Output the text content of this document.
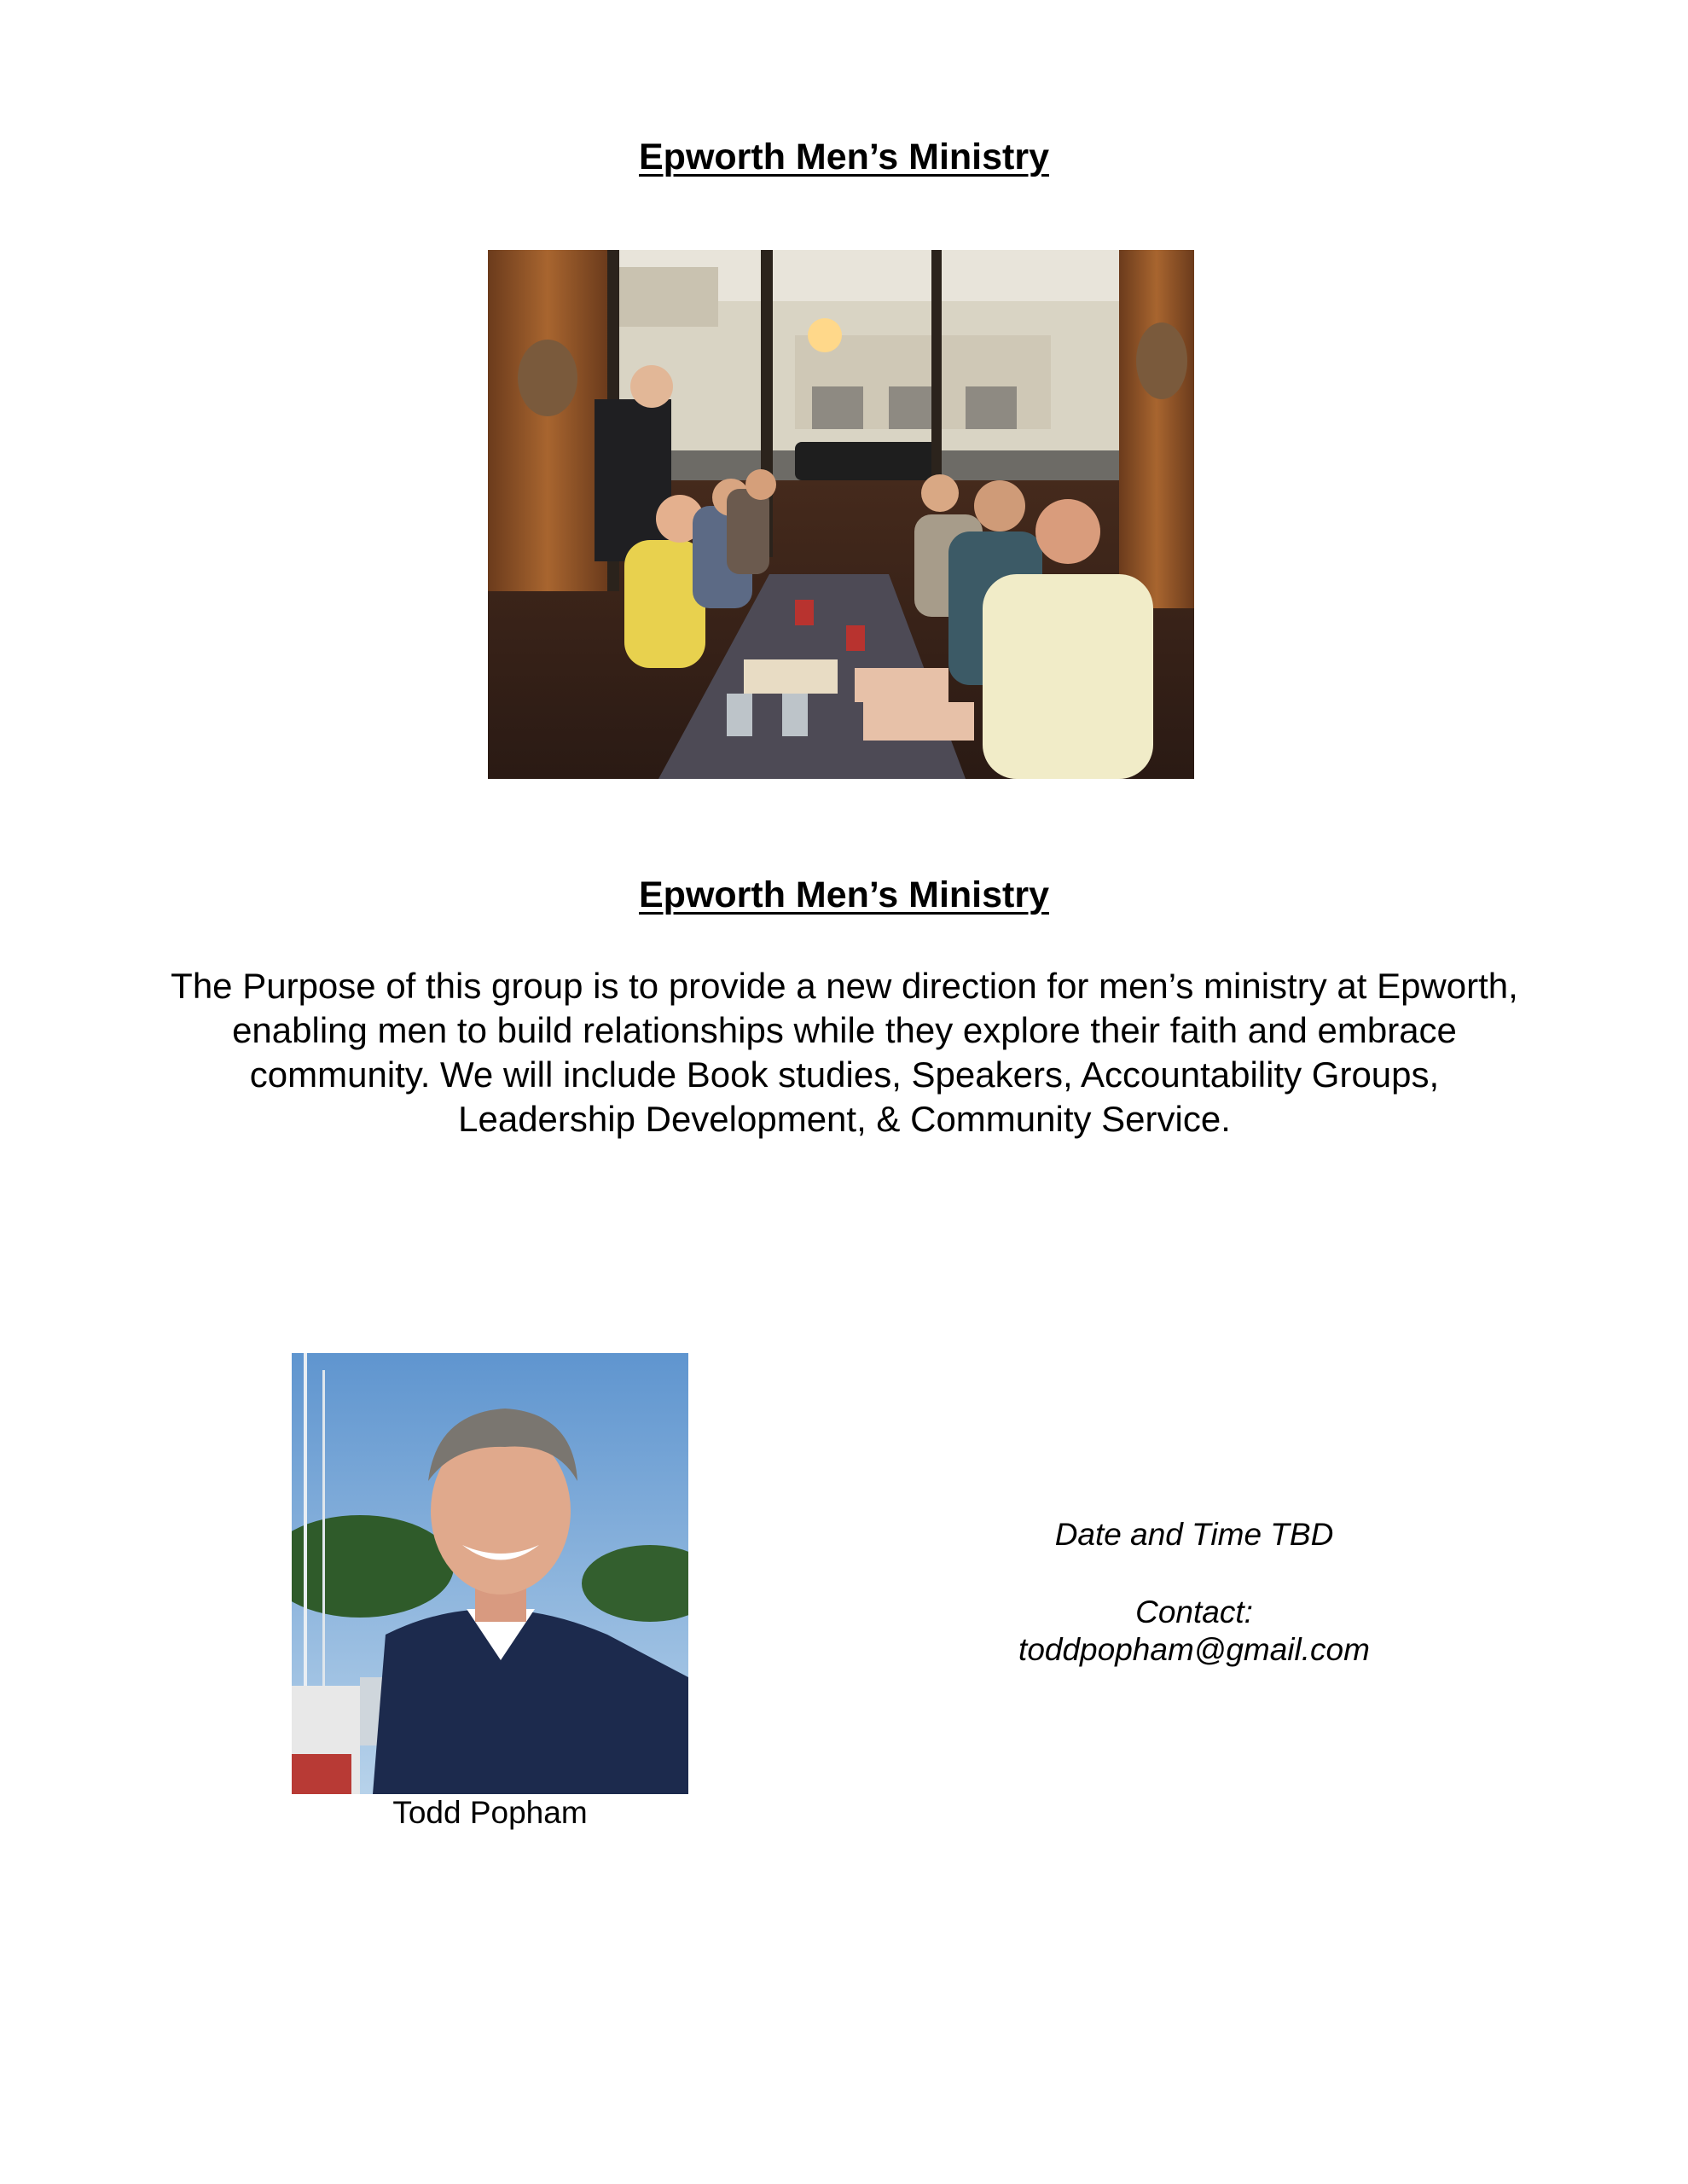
Epworth Men’s Ministry
Epworth Men’s Ministry
The Purpose of this group is to provide a new direction for men’s ministry at Epworth, enabling men to build relationships while they explore their faith and embrace community. We will include Book studies, Speakers, Accountability Groups, Leadership Development, & Community Service.
Todd Popham
Date and Time TBD
Contact:
toddpopham@gmail.com
